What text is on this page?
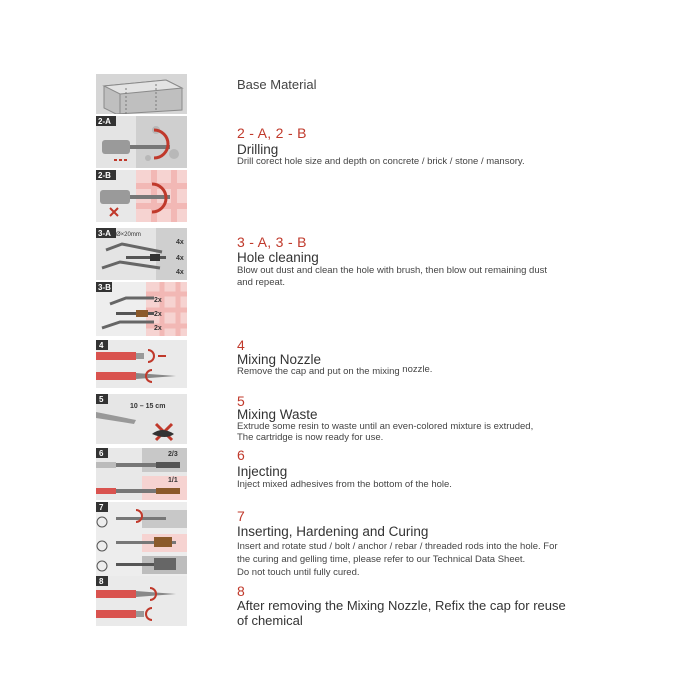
2-A
2-B
3-A Ø×20mm
4x
4x
4x
3-B
2x
2x
2x
4
5
10 – 15 cm
6	2/3
1/1
7
8
Base Material
2 - A, 2 - B
Drilling
Drill corect hole size and depth on concrete / brick / stone / mansory.
3 - A, 3 - B
Hole cleaning
Blow out dust and clean the hole with brush, then blow out remaining dust
and repeat.
4
Mixing Nozzle
Remove the cap and put on the mixing nozzle.
5
Mixing Waste
Extrude some resin to waste until an even-colored mixture is extruded,
The cartridge is now ready for use.
6
Injecting
Inject mixed adhesives from the bottom of the hole.
7
Inserting, Hardening and Curing
Insert and rotate stud / bolt / anchor / rebar / threaded rods into the hole. For
the curing and gelling time, please refer to our Technical Data Sheet.
Do not touch until fully cured.
8
After removing the Mixing Nozzle, Refix the cap for reuse
of chemical
